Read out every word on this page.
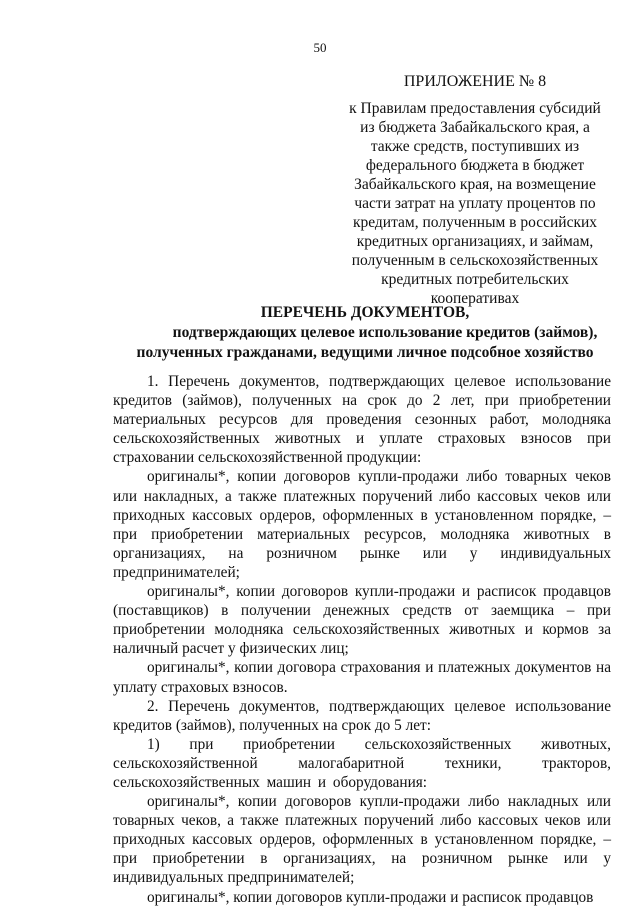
50
ПРИЛОЖЕНИЕ № 8
к Правилам предоставления субсидий
из бюджета Забайкальского края, а
также средств, поступивших из
федерального бюджета в бюджет
Забайкальского края, на возмещение
части затрат на уплату процентов по
кредитам, полученным в российских
кредитных организациях, и займам,
полученным в сельскохозяйственных
кредитных потребительских
кооперативах
ПЕРЕЧЕНЬ ДОКУМЕНТОВ,
подтверждающих целевое использование кредитов (займов),
полученных гражданами, ведущими личное подсобное хозяйство

1. Перечень документов, подтверждающих целевое использование кредитов (займов), полученных на срок до 2 лет, при приобретении материальных ресурсов для проведения сезонных работ, молодняка сельскохозяйственных животных и уплате страховых взносов при страховании сельскохозяйственной продукции:

оригиналы*, копии договоров купли-продажи либо товарных чеков или накладных, а также платежных поручений либо кассовых чеков или приходных кассовых ордеров, оформленных в установленном порядке, – при приобретении материальных ресурсов, молодняка животных в организациях, на розничном рынке или у индивидуальных предпринимателей;

оригиналы*, копии договоров купли-продажи и расписок продавцов (поставщиков) в получении денежных средств от заемщика – при приобретении молодняка сельскохозяйственных животных и кормов за наличный расчет у физических лиц;

оригиналы*, копии договора страхования и платежных документов на уплату страховых взносов.

2. Перечень документов, подтверждающих целевое использование кредитов (займов), полученных на срок до 5 лет:

1) при приобретении сельскохозяйственных животных, сельскохозяйственной малогабаритной техники, тракторов, сельскохозяйственных машин и оборудования:

оригиналы*, копии договоров купли-продажи либо накладных или товарных чеков, а также платежных поручений либо кассовых чеков или приходных кассовых ордеров, оформленных в установленном порядке, – при приобретении в организациях, на розничном рынке или у индивидуальных предпринимателей;

оригиналы*, копии договоров купли-продажи и расписок продавцов
